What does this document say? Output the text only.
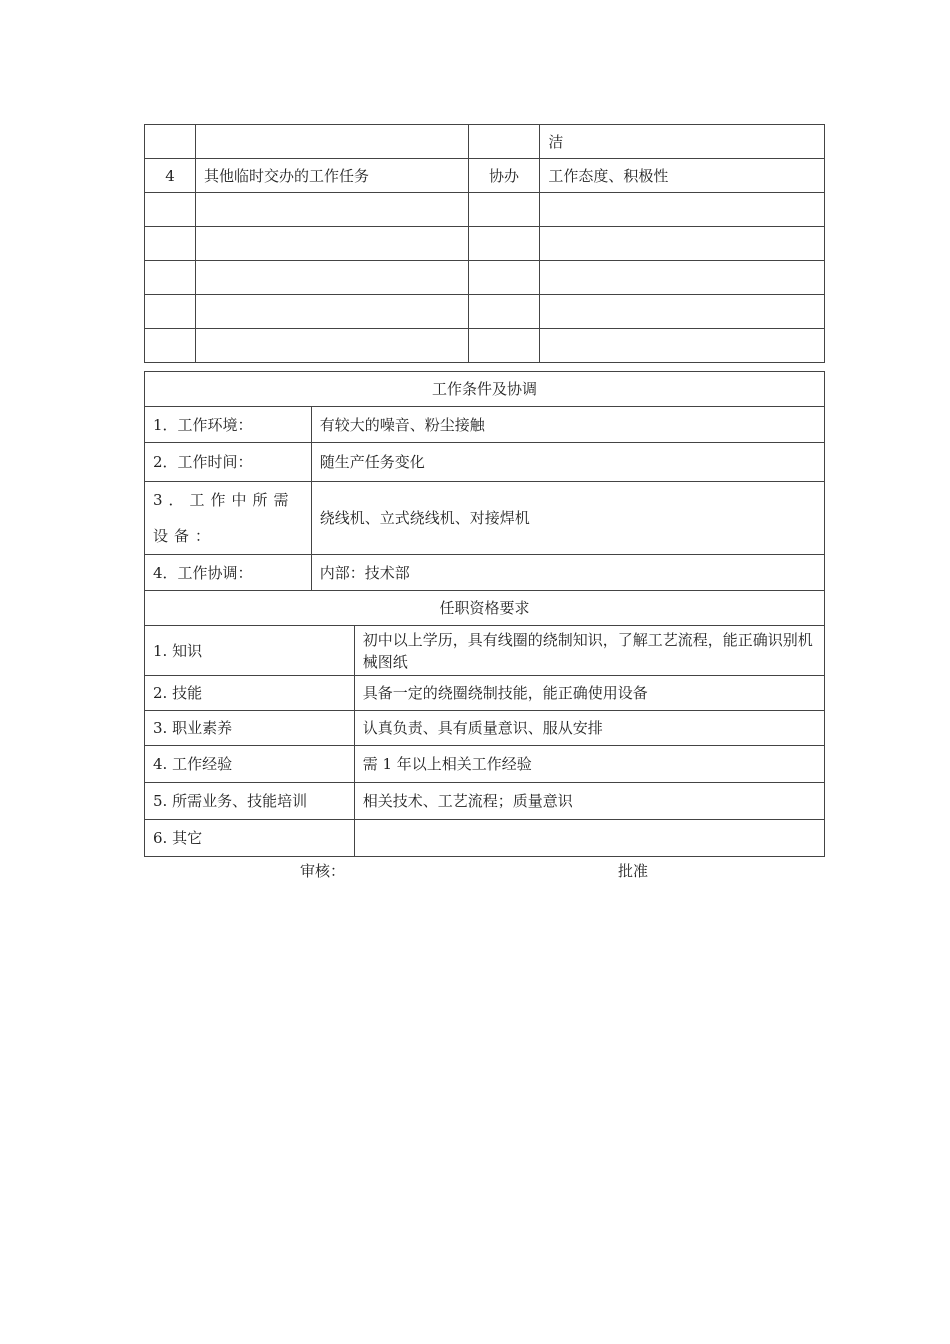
			洁
4	其他临时交办的工作任务	协办	工作态度、积极性

工作条件及协调	
1．工作环境：	有较大的噪音、粉尘接触
2．工作时间：	随生产任务变化
3．工作中所需设备：	绕线机、立式绕线机、对接焊机
4．工作协调：	内部：技术部
任职资格要求	
1. 知识	初中以上学历，具有线圈的绕制知识，了解工艺流程，能正确识别机械图纸
2. 技能	具备一定的绕圈绕制技能，能正确使用设备
3. 职业素养	认真负责、具有质量意识、服从安排
4. 工作经验	需 1 年以上相关工作经验
5. 所需业务、技能培训	相关技术、工艺流程；质量意识
6. 其它	
审核：	批准
